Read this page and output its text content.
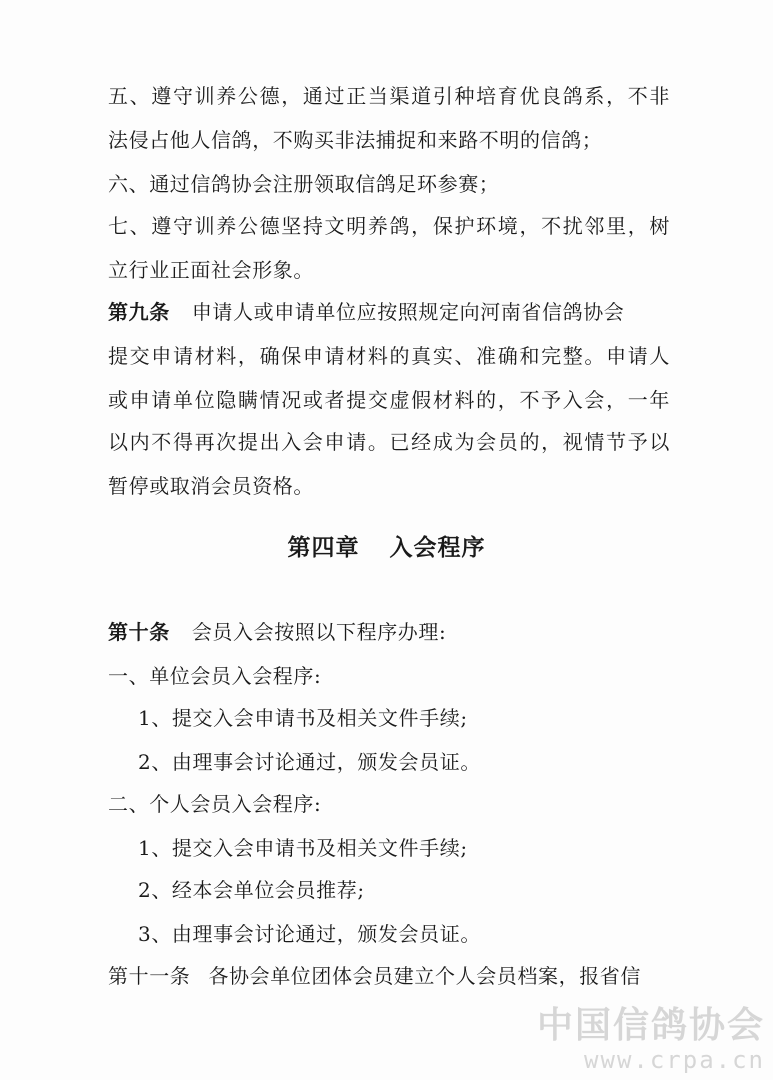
五、遵守训养公德，通过正当渠道引种培育优良鸽系，不非
法侵占他人信鸽，不购买非法捕捉和来路不明的信鸽；
六、通过信鸽协会注册领取信鸽足环参赛；
七、遵守训养公德坚持文明养鸽，保护环境，不扰邻里，树
立行业正面社会形象。
第九条 申请人或申请单位应按照规定向河南省信鸽协会
提交申请材料，确保申请材料的真实、准确和完整。申请人
或申请单位隐瞒情况或者提交虚假材料的，不予入会，一年
以内不得再次提出入会申请。已经成为会员的，视情节予以
暂停或取消会员资格。
第四章 入会程序
第十条 会员入会按照以下程序办理:
一、单位会员入会程序:
1、提交入会申请书及相关文件手续;
2、由理事会讨论通过，颁发会员证。
二、个人会员入会程序:
1、提交入会申请书及相关文件手续;
2、经本会单位会员推荐;
3、由理事会讨论通过，颁发会员证。
第十一条 各协会单位团体会员建立个人会员档案，报省信
中国信鸽协会
www.crpa.cn
